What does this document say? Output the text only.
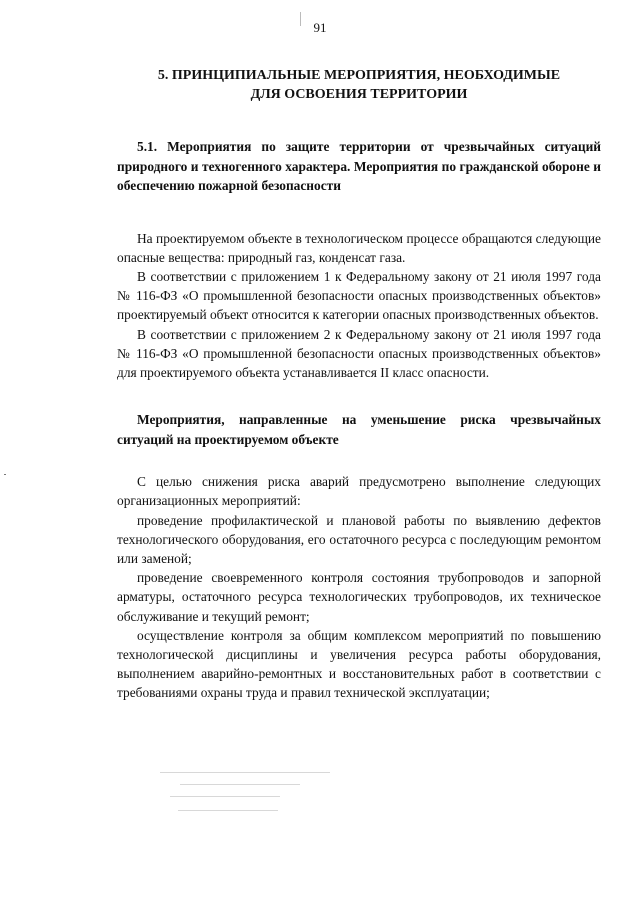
91
5. ПРИНЦИПИАЛЬНЫЕ МЕРОПРИЯТИЯ, НЕОБХОДИМЫЕ
ДЛЯ ОСВОЕНИЯ ТЕРРИТОРИИ
5.1. Мероприятия по защите территории от чрезвычайных ситуаций природного и техногенного характера. Мероприятия по гражданской обороне и обеспечению пожарной безопасности

На проектируемом объекте в технологическом процессе обращаются следующие опасные вещества: природный газ, конденсат газа.

В соответствии с приложением 1 к Федеральному закону от 21 июля 1997 года № 116-ФЗ «О промышленной безопасности опасных производственных объектов» проектируемый объект относится к категории опасных производственных объектов.

В соответствии с приложением 2 к Федеральному закону от 21 июля 1997 года № 116-ФЗ «О промышленной безопасности опасных производственных объектов» для проектируемого объекта устанавливается II класс опасности.

Мероприятия, направленные на уменьшение риска чрезвычайных ситуаций на проектируемом объекте

С целью снижения риска аварий предусмотрено выполнение следующих организационных мероприятий:

проведение профилактической и плановой работы по выявлению дефектов технологического оборудования, его остаточного ресурса с последующим ремонтом или заменой;

проведение своевременного контроля состояния трубопроводов и запорной арматуры, остаточного ресурса технологических трубопроводов, их техническое обслуживание и текущий ремонт;

осуществление контроля за общим комплексом мероприятий по повышению технологической дисциплины и увеличения ресурса работы оборудования, выполнением аварийно-ремонтных и восстановительных работ в соответствии с требованиями охраны труда и правил технической эксплуатации;
